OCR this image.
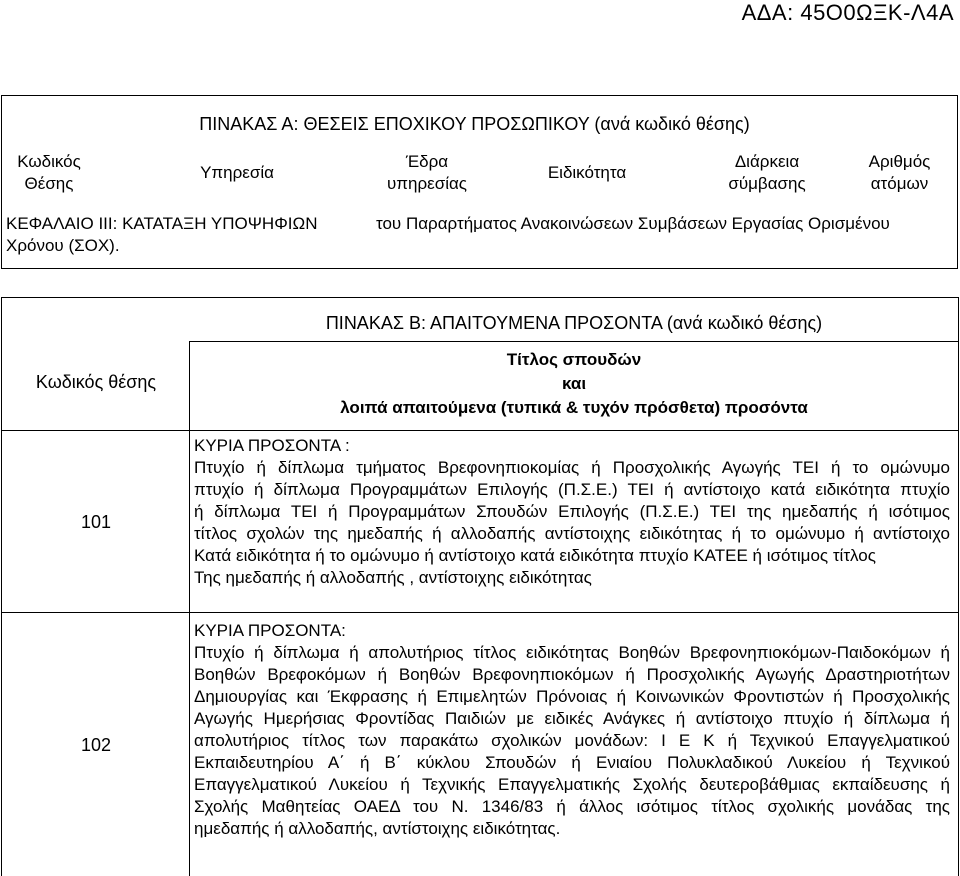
ΑΔΑ: 45Ο0ΩΞΚ-Λ4Α
ΠΙΝΑΚΑΣ Α: ΘΕΣΕΙΣ ΕΠΟΧΙΚΟΥ ΠΡΟΣΩΠΙΚΟΥ (ανά κωδικό θέσης)
Κωδικός
Θέσης
Υπηρεσία
Έδρα
υπηρεσίας
Ειδικότητα
Διάρκεια
σύμβασης
Αριθμός
ατόμων
ΚΕΦΑΛΑΙΟ ΙΙΙ: ΚΑΤΑΤΑΞΗ ΥΠΟΨΗΦΙΩΝ	του Παραρτήματος Ανακοινώσεων Συμβάσεων Εργασίας Ορισμένου
Χρόνου (ΣΟΧ).
ΠΙΝΑΚΑΣ Β: ΑΠΑΙΤΟΥΜΕΝΑ ΠΡΟΣΟΝΤΑ (ανά κωδικό θέσης)
Κωδικός θέσης
Τίτλος σπουδών
και
λοιπά απαιτούμενα (τυπικά & τυχόν πρόσθετα) προσόντα
101
ΚΥΡΙΑ ΠΡΟΣΟΝΤΑ :
Πτυχίο ή δίπλωμα τμήματος Βρεφονηπιοκομίας ή Προσχολικής Αγωγής ΤΕΙ ή το ομώνυμο
πτυχίο ή δίπλωμα Προγραμμάτων Επιλογής (Π.Σ.Ε.) ΤΕΙ ή αντίστοιχο κατά ειδικότητα πτυχίο
ή δίπλωμα ΤΕΙ ή Προγραμμάτων Σπουδών Επιλογής (Π.Σ.Ε.) ΤΕΙ της ημεδαπής ή ισότιμος
τίτλος σχολών της ημεδαπής ή αλλοδαπής αντίστοιχης ειδικότητας ή το ομώνυμο ή αντίστοιχο
Κατά ειδικότητα ή το ομώνυμο ή αντίστοιχο κατά ειδικότητα πτυχίο ΚΑΤΕΕ ή ισότιμος τίτλος
Της ημεδαπής ή αλλοδαπής , αντίστοιχης ειδικότητας
102
ΚΥΡΙΑ ΠΡΟΣΟΝΤΑ:
Πτυχίο ή δίπλωμα ή απολυτήριος τίτλος ειδικότητας Βοηθών Βρεφονηπιοκόμων-Παιδοκόμων ή
Βοηθών Βρεφοκόμων ή Βοηθών Βρεφονηπιοκόμων ή Προσχολικής Αγωγής Δραστηριοτήτων
Δημιουργίας και Έκφρασης ή Επιμελητών Πρόνοιας ή Κοινωνικών Φροντιστών ή Προσχολικής
Αγωγής Ημερήσιας Φροντίδας Παιδιών με ειδικές Ανάγκες ή αντίστοιχο πτυχίο ή δίπλωμα ή
απολυτήριος τίτλος των παρακάτω σχολικών μονάδων: Ι Ε Κ ή Τεχνικού Επαγγελματικού
Εκπαιδευτηρίου Α΄ ή Β΄ κύκλου Σπουδών ή Ενιαίου Πολυκλαδικού Λυκείου ή Τεχνικού
Επαγγελματικού Λυκείου ή Τεχνικής Επαγγελματικής Σχολής δευτεροβάθμιας εκπαίδευσης ή
Σχολής Μαθητείας ΟΑΕΔ του Ν. 1346/83 ή άλλος ισότιμος τίτλος σχολικής μονάδας της
ημεδαπής ή αλλοδαπής, αντίστοιχης ειδικότητας.
